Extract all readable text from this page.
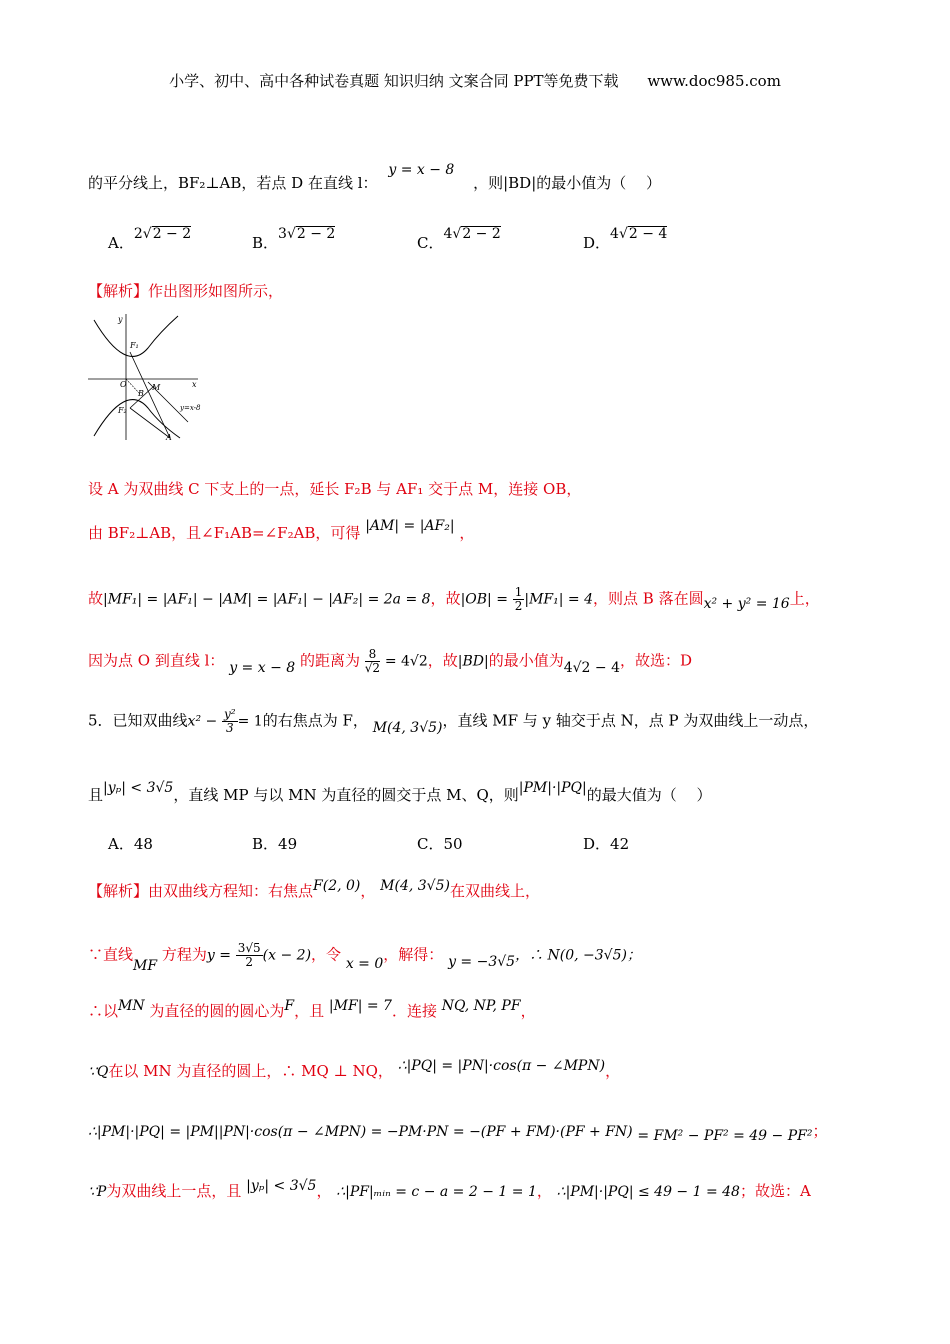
小学、初中、高中各种试卷真题 知识归纳 文案合同 PPT等免费下载 www.doc985.com
的平分线上，BF₂⊥AB，若点 D 在直线 l： y = x − 8 ，则|BD|的最小值为（　 ）
A．2√2 − 2	B．3√2 − 2	C．4√2 − 2	D．4√2 − 4
【解析】作出图形如图所示，
y
x
O
F₁
F₂
B
M
A
y=x-8
设 A 为双曲线 C 下支上的一点，延长 F₂B 与 AF₁ 交于点 M，连接 OB，
由 BF₂⊥AB，且∠F₁AB=∠F₂AB，可得 |AM| = |AF₂| ，
故|MF₁| = |AF₁| − |AM| = |AF₁| − |AF₂| = 2a = 8，故$|OB| = \frac{1}{2} |MF_1| = 4$，则点 B 落在圆x² + y² = 16上，
因为点 O 到直线 l： y = x − 8 的距离为 $\frac{8}{√2} = 4√2$，故|BD|的最小值为4√2 − 4，故选：D
5．已知双曲线$x^2 - \frac{\text{y²}}{3} = 1$的右焦点为 F， M(4, 3√5)，直线 MF 与 y 轴交于点 N，点 P 为双曲线上一动点，
且|yₚ| < 3√5，直线 MP 与以 MN 为直径的圆交于点 M、Q，则|PM|·|PQ|的最大值为（　 ）
A．48	B．49	C．50	D．42
【解析】由双曲线方程知：右焦点F(2, 0)， M(4, 3√5)在双曲线上，
∵直线MF 方程为$y = \frac{3√5}{2} (x - 2)$，令 x = 0，解得： y = −3√5，∴ N(0, −3√5)；
∴以MN 为直径的圆的圆心为F，且 |MF| = 7．连接 NQ, NP, PF，
∵Q在以 MN 为直径的圆上，∴ MQ ⊥ NQ， ∴|PQ| = |PN|·cos(π − ∠MPN)，
∴|PM|·|PQ| = |PM||PN|·cos(π − ∠MPN) = −PM·PN = −(PF + FM)·(PF + FN) = FM² − PF² = 49 − PF²；
∵P为双曲线上一点，且 |yₚ| < 3√5， ∴|PF|ₘᵢₙ = c − a = 2 − 1 = 1， ∴|PM|·|PQ| ≤ 49 − 1 = 48；故选：A
